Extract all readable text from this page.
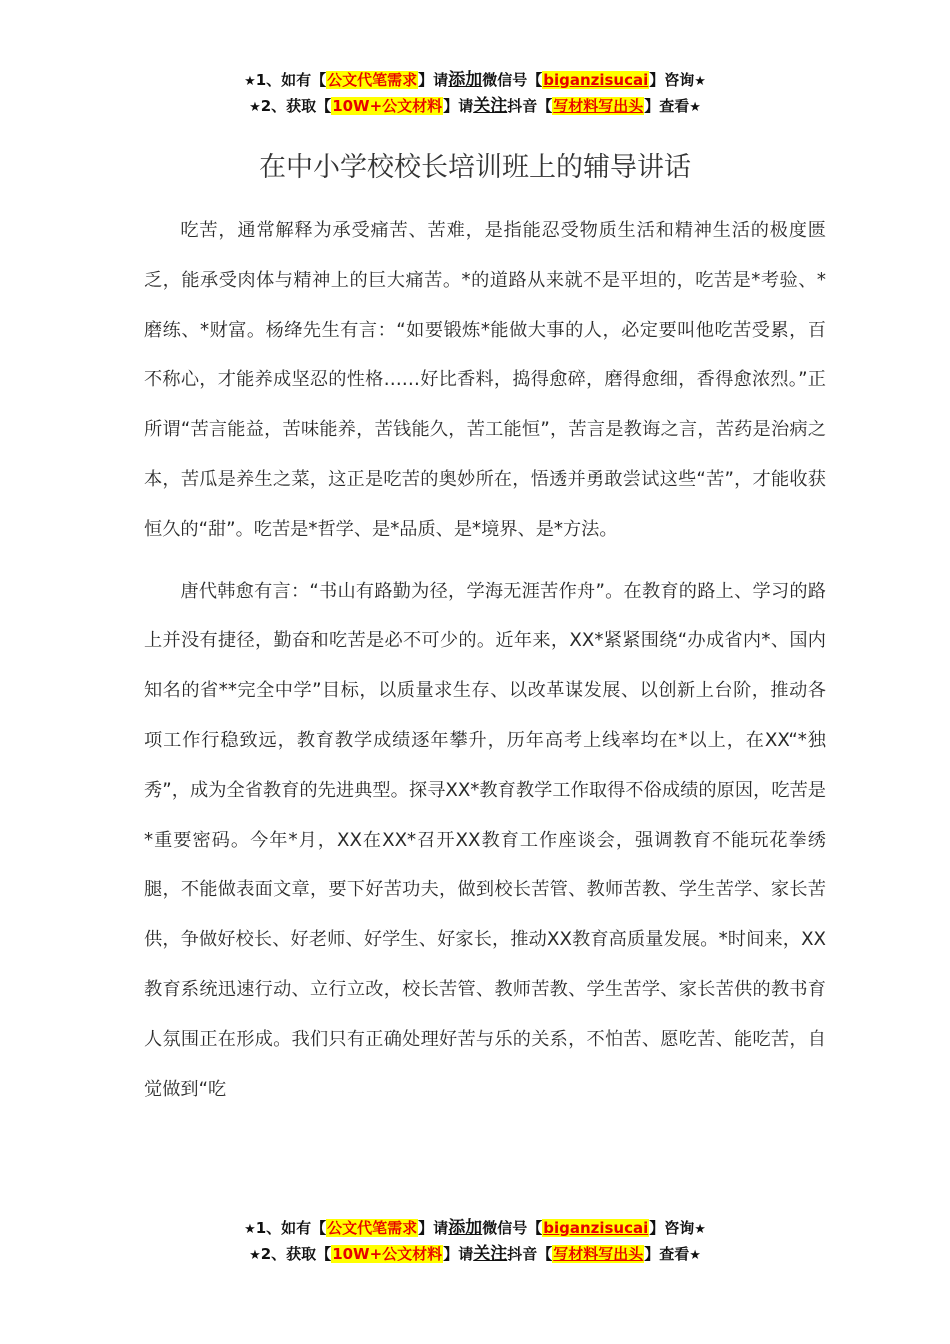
★1、如有【公文代笔需求】请添加微信号【biganzisucai】咨询★
★2、获取【10W+公文材料】请关注抖音【写材料写出头】查看★
在中小学校校长培训班上的辅导讲话

吃苦，通常解释为承受痛苦、苦难，是指能忍受物质生活和精神生活的极度匮乏，能承受肉体与精神上的巨大痛苦。*的道路从来就不是平坦的，吃苦是*考验、*磨练、*财富。杨绛先生有言：“如要锻炼*能做大事的人，必定要叫他吃苦受累，百不称心，才能养成坚忍的性格……好比香料，捣得愈碎，磨得愈细，香得愈浓烈。”正所谓“苦言能益，苦味能养，苦钱能久，苦工能恒”，苦言是教诲之言，苦药是治病之本，苦瓜是养生之菜，这正是吃苦的奥妙所在，悟透并勇敢尝试这些“苦”，才能收获恒久的“甜”。吃苦是*哲学、是*品质、是*境界、是*方法。

唐代韩愈有言：“书山有路勤为径，学海无涯苦作舟”。在教育的路上、学习的路上并没有捷径，勤奋和吃苦是必不可少的。近年来，XX*紧紧围绕“办成省内*、国内知名的省**完全中学”目标，以质量求生存、以改革谋发展、以创新上台阶，推动各项工作行稳致远，教育教学成绩逐年攀升，历年高考上线率均在*以上，在XX“*独秀”，成为全省教育的先进典型。探寻XX*教育教学工作取得不俗成绩的原因，吃苦是*重要密码。今年*月，XX在XX*召开XX教育工作座谈会，强调教育不能玩花拳绣腿，不能做表面文章，要下好苦功夫，做到校长苦管、教师苦教、学生苦学、家长苦供，争做好校长、好老师、好学生、好家长，推动XX教育高质量发展。*时间来，XX教育系统迅速行动、立行立改，校长苦管、教师苦教、学生苦学、家长苦供的教书育人氛围正在形成。我们只有正确处理好苦与乐的关系，不怕苦、愿吃苦、能吃苦，自觉做到“吃

★1、如有【公文代笔需求】请添加微信号【biganzisucai】咨询★
★2、获取【10W+公文材料】请关注抖音【写材料写出头】查看★
